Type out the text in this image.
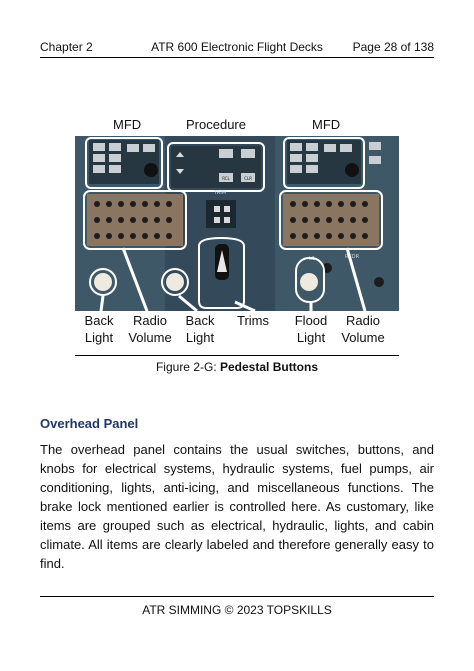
Chapter 2	ATR 600 Electronic Flight Decks Page 28 of 138
MFD	Procedure	MFD
RCL	CLR
TRIM
L1	RCDR
Back
Light
Radio
Volume
Back
Light
Trims	Flood
Light
Radio
Volume
Figure 2-G: Pedestal Buttons
Overhead Panel
The overhead panel contains the usual switches, buttons, and knobs for electrical systems, hydraulic systems, fuel pumps, air conditioning, lights, anti-icing, and miscellaneous functions. The brake lock mentioned earlier is controlled here. As customary, like items are grouped such as electrical, hydraulic, lights, and cabin climate. All items are clearly labeled and therefore generally easy to find.
ATR SIMMING © 2023 TOPSKILLS
